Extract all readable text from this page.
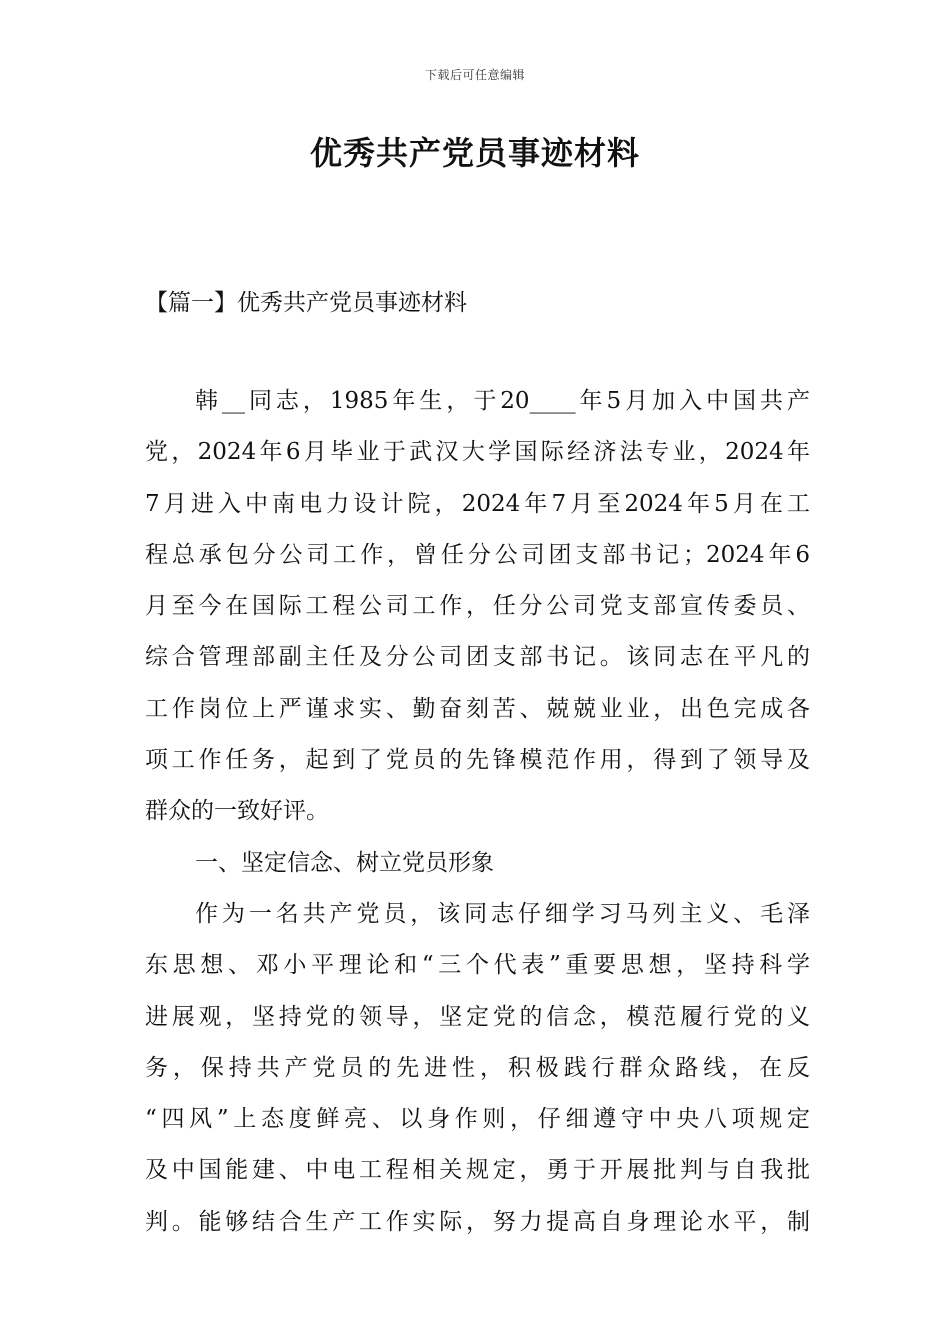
下载后可任意编辑
优秀共产党员事迹材料
【篇一】优秀共产党员事迹材料
韩__同志，1985年生，于20____年5月加入中国共产
党，2024年6月毕业于武汉大学国际经济法专业，2024年
7月进入中南电力设计院，2024年7月至2024年5月在工
程总承包分公司工作，曾任分公司团支部书记；2024年6
月至今在国际工程公司工作，任分公司党支部宣传委员、
综合管理部副主任及分公司团支部书记。该同志在平凡的
工作岗位上严谨求实、勤奋刻苦、兢兢业业，出色完成各
项工作任务，起到了党员的先锋模范作用，得到了领导及
群众的一致好评。
一、坚定信念、树立党员形象
作为一名共产党员，该同志仔细学习马列主义、毛泽
东思想、邓小平理论和“三个代表”重要思想，坚持科学
进展观，坚持党的领导，坚定党的信念，模范履行党的义
务，保持共产党员的先进性，积极践行群众路线，在反
“四风”上态度鲜亮、以身作则，仔细遵守中央八项规定
及中国能建、中电工程相关规定，勇于开展批判与自我批
判。能够结合生产工作实际，努力提高自身理论水平，制
